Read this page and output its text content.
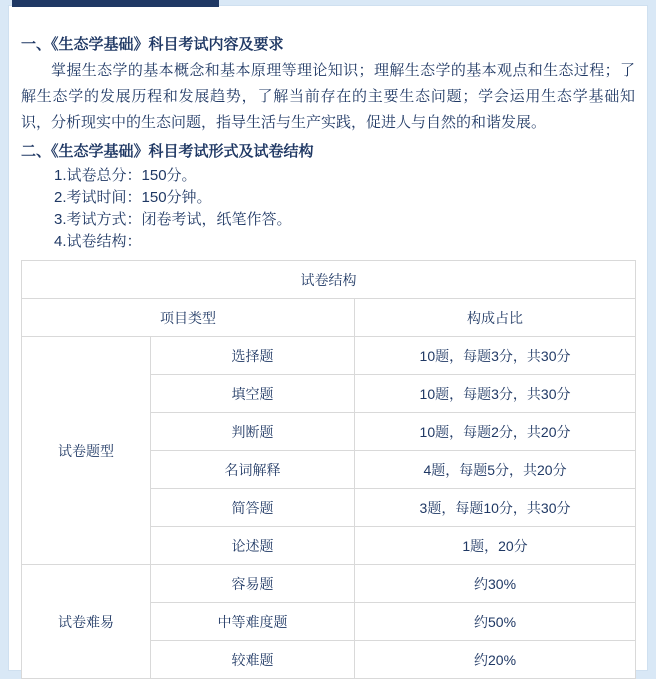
一、《生态学基础》科目考试内容及要求
掌握生态学的基本概念和基本原理等理论知识；理解生态学的基本观点和生态过程；了解生态学的发展历程和发展趋势，了解当前存在的主要生态问题；学会运用生态学基础知识，分析现实中的生态问题，指导生活与生产实践，促进人与自然的和谐发展。
二、《生态学基础》科目考试形式及试卷结构
1.试卷总分：150分。
2.考试时间：150分钟。
3.考试方式：闭卷考试，纸笔作答。
4.试卷结构：
试卷结构		
项目类型		构成占比
试卷题型	选择题	10题，每题3分，共30分
	填空题	10题，每题3分，共30分
	判断题	10题，每题2分，共20分
	名词解释	4题，每题5分，共20分
	简答题	3题，每题10分，共30分
	论述题	1题，20分
试卷难易	容易题	约30%
	中等难度题	约50%
	较难题	约20%
